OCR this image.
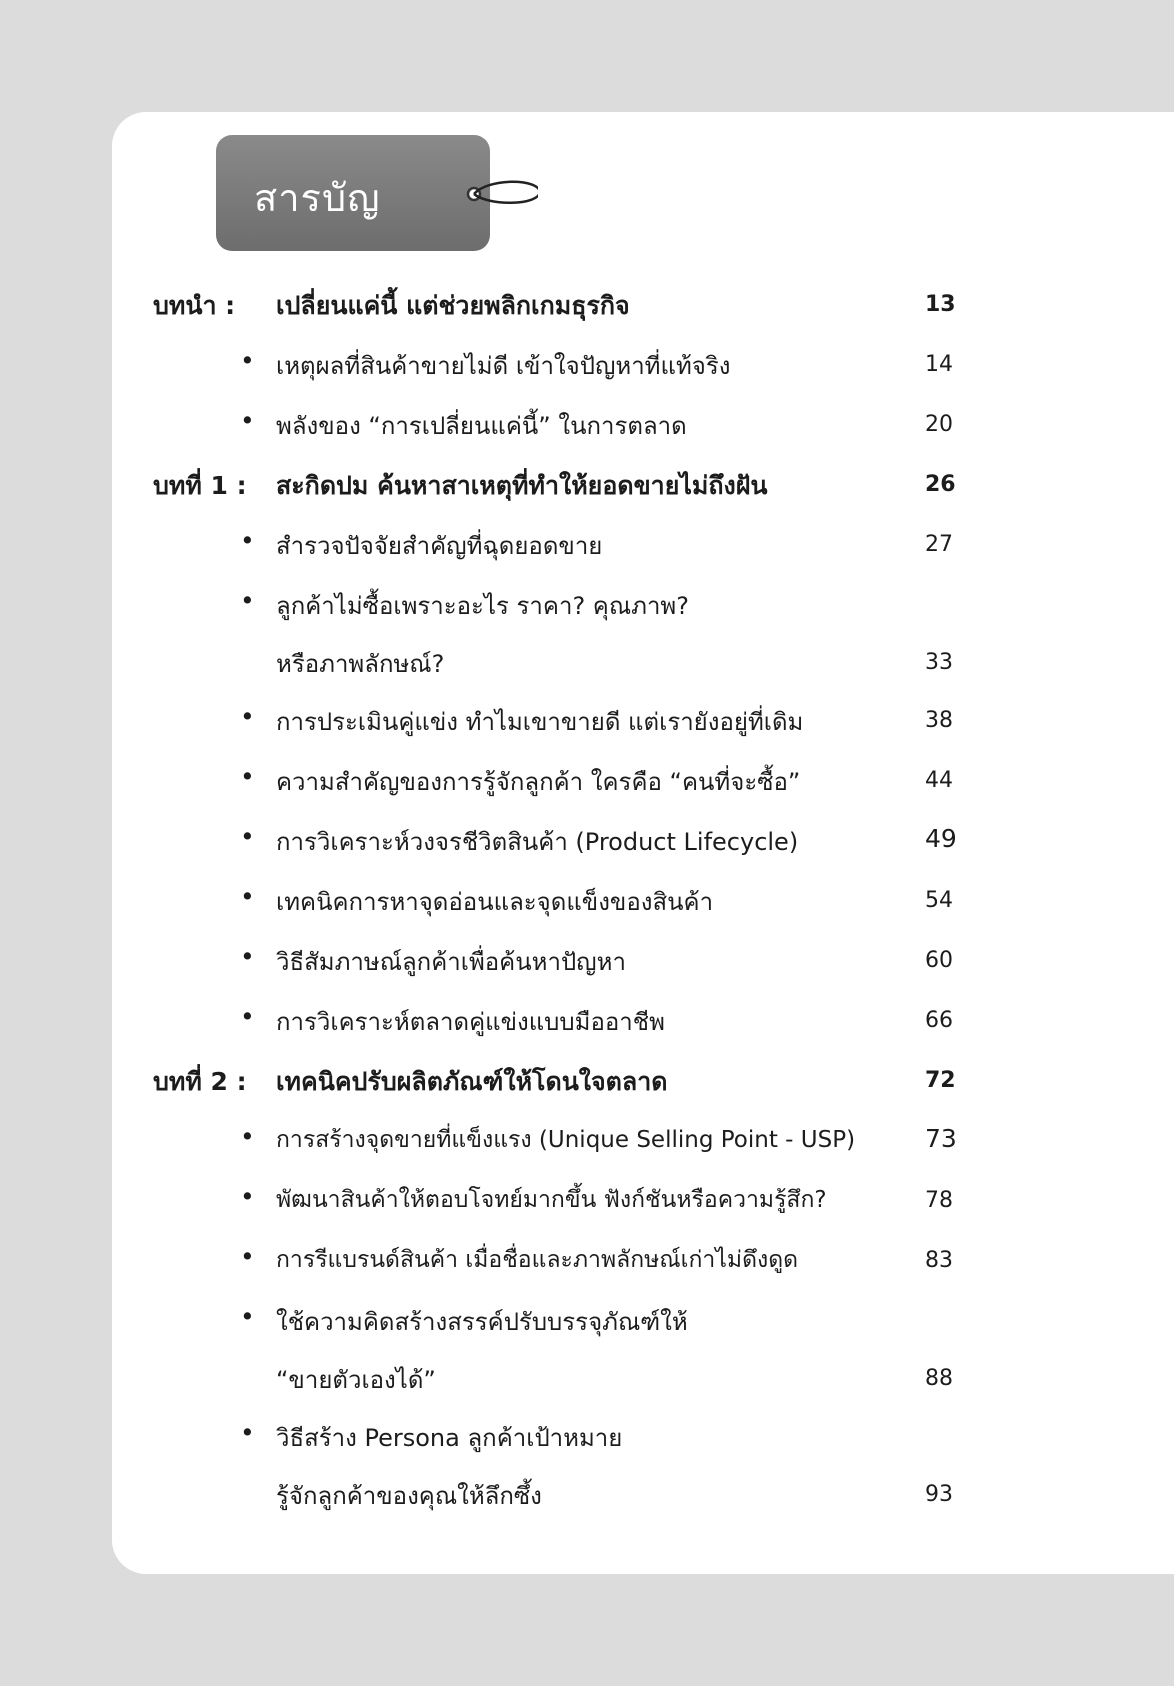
สารบัญ
บทนำ : เปลี่ยนแค่นี้ แต่ช่วยพลิกเกมธุรกิจ	13
• เหตุผลที่สินค้าขายไม่ดี เข้าใจปัญหาที่แท้จริง	14
• พลังของ “การเปลี่ยนแค่นี้” ในการตลาด	20
บทที่ 1 : สะกิดปม ค้นหาสาเหตุที่ทำให้ยอดขายไม่ถึงฝัน	26
• สำรวจปัจจัยสำคัญที่ฉุดยอดขาย	27
• ลูกค้าไม่ซื้อเพราะอะไร ราคา? คุณภาพ?
หรือภาพลักษณ์?	33
• การประเมินคู่แข่ง ทำไมเขาขายดี แต่เรายังอยู่ที่เดิม	38
• ความสำคัญของการรู้จักลูกค้า ใครคือ “คนที่จะซื้อ”	44
• การวิเคราะห์วงจรชีวิตสินค้า (Product Lifecycle)	49
• เทคนิคการหาจุดอ่อนและจุดแข็งของสินค้า	54
• วิธีสัมภาษณ์ลูกค้าเพื่อค้นหาปัญหา	60
• การวิเคราะห์ตลาดคู่แข่งแบบมืออาชีพ	66
บทที่ 2 : เทคนิคปรับผลิตภัณฑ์ให้โดนใจตลาด	72
• การสร้างจุดขายที่แข็งแรง (Unique Selling Point - USP)	73
• พัฒนาสินค้าให้ตอบโจทย์มากขึ้น ฟังก์ชันหรือความรู้สึก?	78
• การรีแบรนด์สินค้า เมื่อชื่อและภาพลักษณ์เก่าไม่ดึงดูด	83
• ใช้ความคิดสร้างสรรค์ปรับบรรจุภัณฑ์ให้
“ขายตัวเองได้”	88
• วิธีสร้าง Persona ลูกค้าเป้าหมาย
รู้จักลูกค้าของคุณให้ลึกซึ้ง	93
